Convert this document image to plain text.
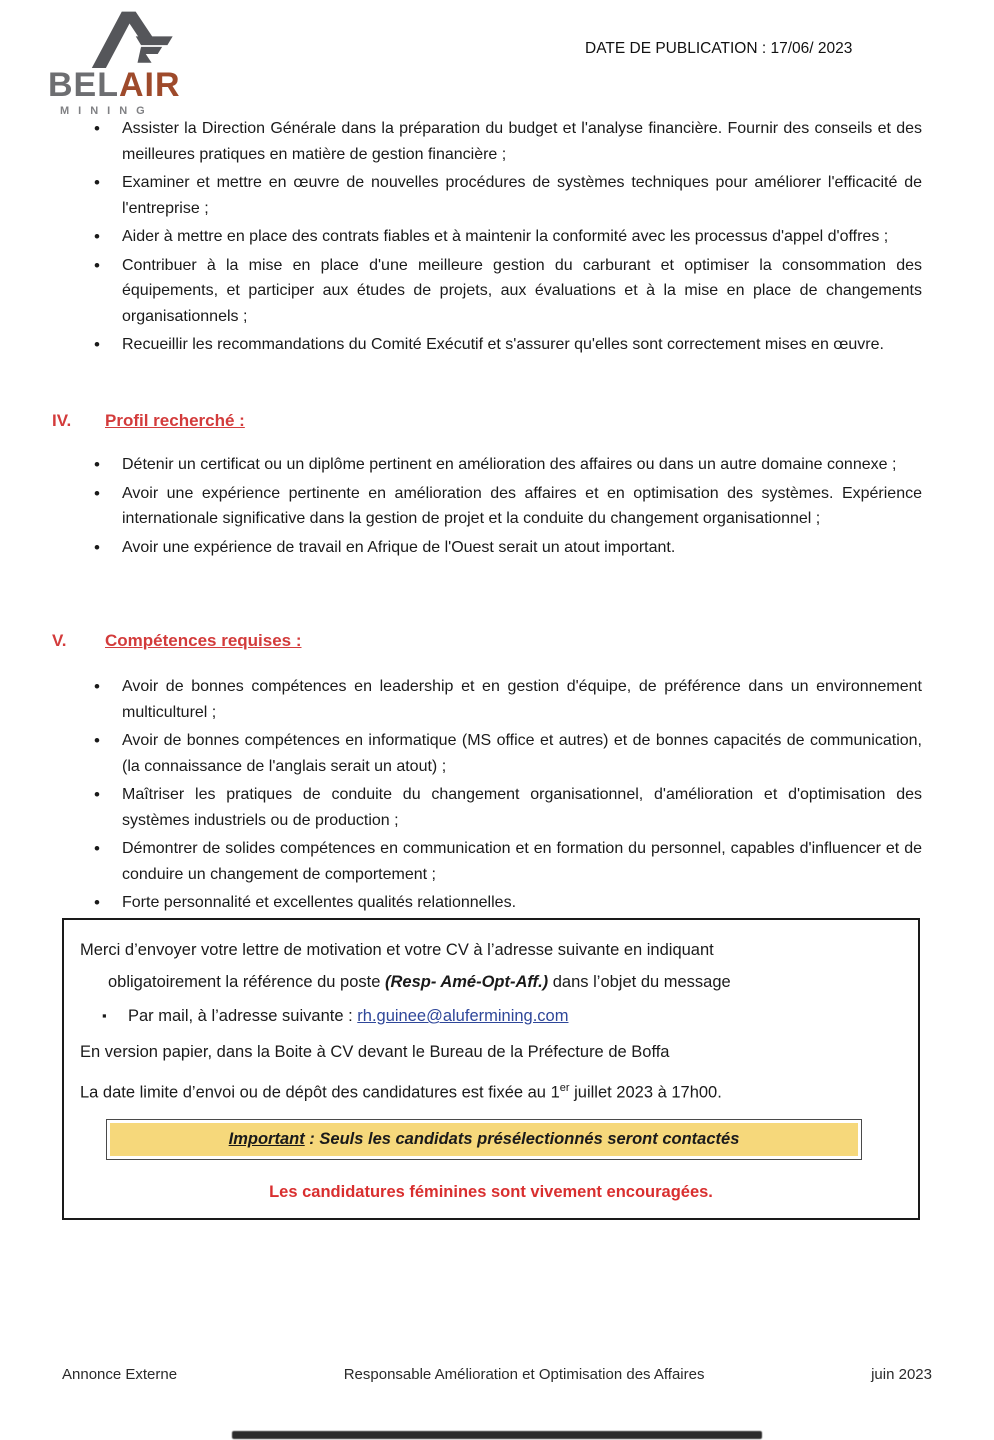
BELAIR
MINING
DATE DE PUBLICATION : 17/06/ 2023
• Assister la Direction Générale dans la préparation du budget et l'analyse financière. Fournir des conseils et des meilleures pratiques en matière de gestion financière ;
• Examiner et mettre en œuvre de nouvelles procédures de systèmes techniques pour améliorer l'efficacité de l'entreprise ;
• Aider à mettre en place des contrats fiables et à maintenir la conformité avec les processus d'appel d'offres ;
• Contribuer à la mise en place d'une meilleure gestion du carburant et optimiser la consommation des équipements, et participer aux études de projets, aux évaluations et à la mise en place de changements organisationnels ;
• Recueillir les recommandations du Comité Exécutif et s'assurer qu'elles sont correctement mises en œuvre.
IV. Profil recherché :
• Détenir un certificat ou un diplôme pertinent en amélioration des affaires ou dans un autre domaine connexe ;
• Avoir une expérience pertinente en amélioration des affaires et en optimisation des systèmes. Expérience internationale significative dans la gestion de projet et la conduite du changement organisationnel ;
• Avoir une expérience de travail en Afrique de l'Ouest serait un atout important.
V. Compétences requises :
• Avoir de bonnes compétences en leadership et en gestion d'équipe, de préférence dans un environnement multiculturel ;
• Avoir de bonnes compétences en informatique (MS office et autres) et de bonnes capacités de communication, (la connaissance de l'anglais serait un atout) ;
• Maîtriser les pratiques de conduite du changement organisationnel, d'amélioration et d'optimisation des systèmes industriels ou de production ;
• Démontrer de solides compétences en communication et en formation du personnel, capables d'influencer et de conduire un changement de comportement ;
• Forte personnalité et excellentes qualités relationnelles.
Merci d’envoyer votre lettre de motivation et votre CV à l’adresse suivante en indiquant
obligatoirement la référence du poste (Resp- Amé-Opt-Aff.) dans l’objet du message
▪ Par mail, à l’adresse suivante : rh.guinee@alufermining.com
En version papier, dans la Boite à CV devant le Bureau de la Préfecture de Boffa
La date limite d’envoi ou de dépôt des candidatures est fixée au 1er juillet 2023 à 17h00.
Important : Seuls les candidats présélectionnés seront contactés
Les candidatures féminines sont vivement encouragées.
Annonce Externe	Responsable Amélioration et Optimisation des Affaires	juin 2023
